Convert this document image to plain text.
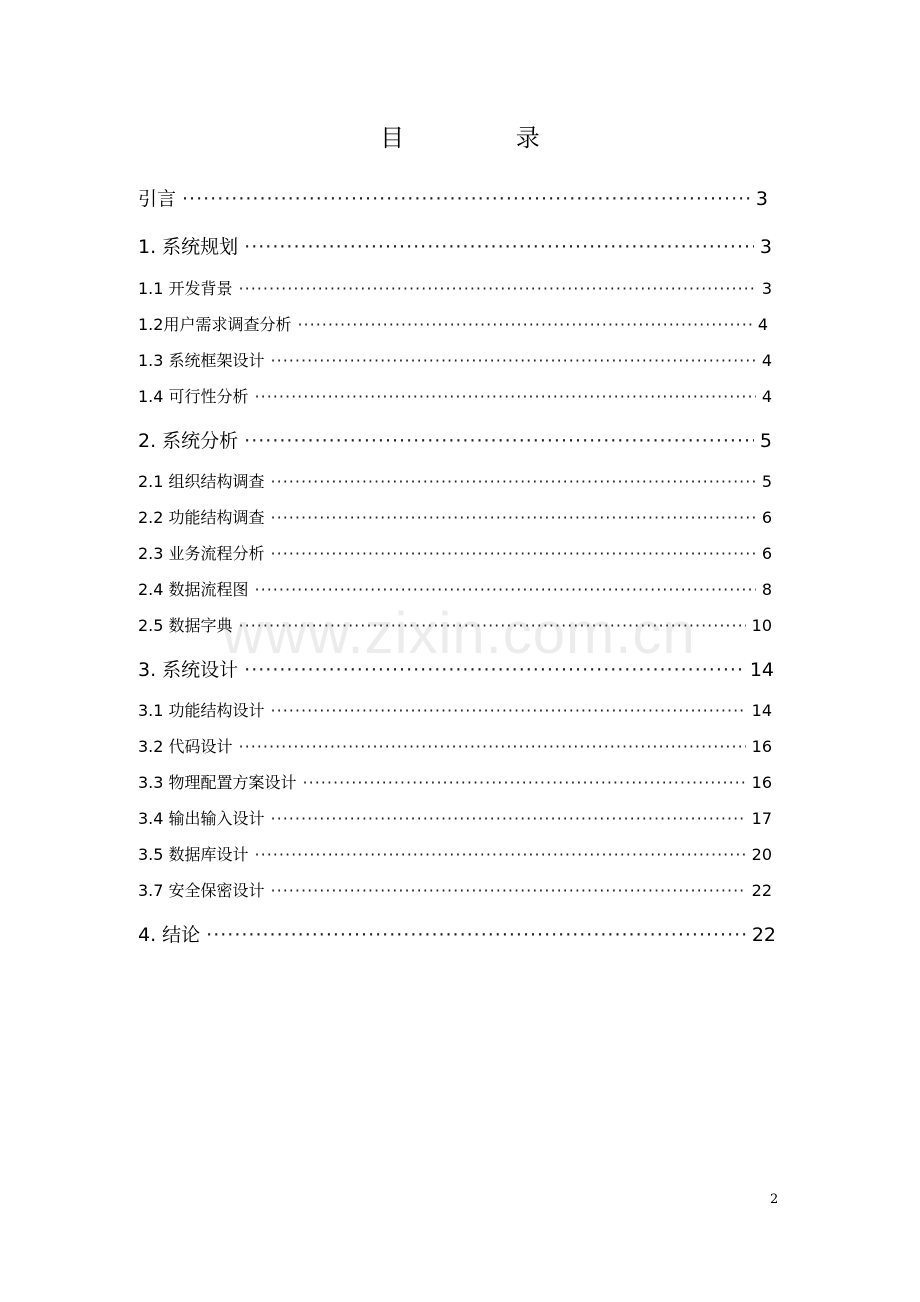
目 录
引言 ·····	3
1. 系统规划 ·····	3
1.1 开发背景 ·····	3
1.2用户需求调查分析 ·····	4
1.3 系统框架设计 ·····	4
1.4 可行性分析 ·····	4
2. 系统分析 ·····	5
2.1 组织结构调查 ·····	5
2.2 功能结构调查 ·····	6
2.3 业务流程分析 ·····	6
2.4 数据流程图 ·····	8
2.5 数据字典 ·····	10
3. 系统设计 ·····	14
3.1 功能结构设计 ·····	14
3.2 代码设计 ·····	16
3.3 物理配置方案设计 ·····	16
3.4 输出输入设计 ·····	17
3.5 数据库设计 ·····	20
3.7 安全保密设计 ·····	22
4. 结论 ·····	22
www.zixin.com.cn
2
